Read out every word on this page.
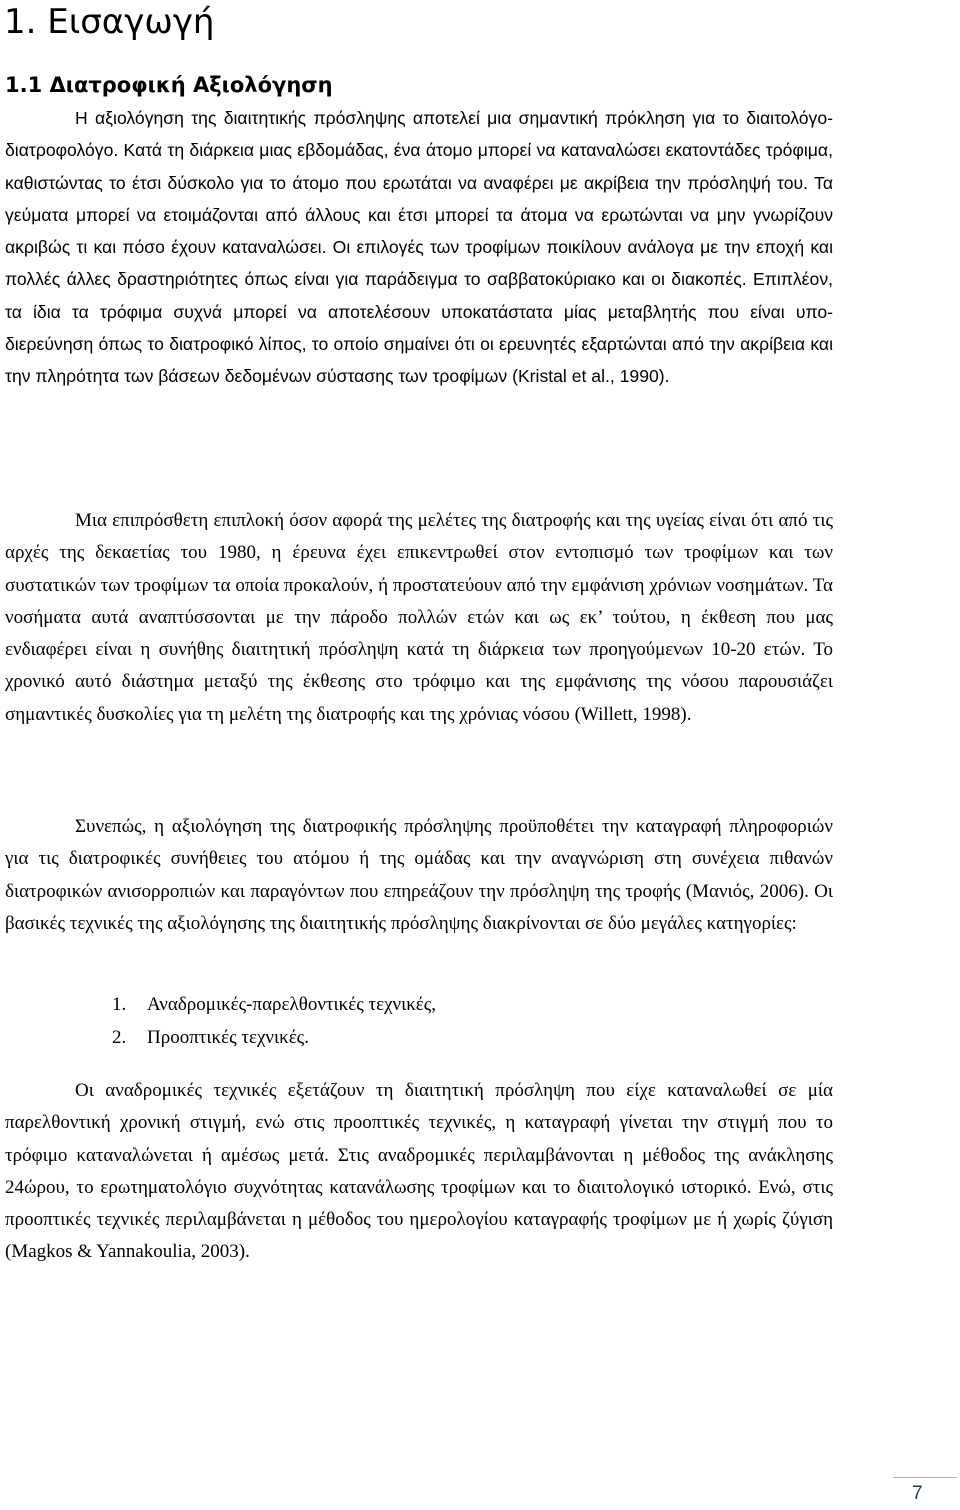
1. Εισαγωγή
1.1 Διατροφική Αξιολόγηση

Η αξιολόγηση της διαιτητικής πρόσληψης αποτελεί μια σημαντική πρόκληση για το διαιτολόγο-διατροφολόγο. Κατά τη διάρκεια μιας εβδομάδας, ένα άτομο μπορεί να καταναλώσει εκατοντάδες τρόφιμα, καθιστώντας το έτσι δύσκολο για το άτομο που ερωτάται να αναφέρει με ακρίβεια την πρόσληψή του. Τα γεύματα μπορεί να ετοιμάζονται από άλλους και έτσι μπορεί τα άτομα να ερωτώνται να μην γνωρίζουν ακριβώς τι και πόσο έχουν καταναλώσει. Οι επιλογές των τροφίμων ποικίλουν ανάλογα με την εποχή και πολλές άλλες δραστηριότητες όπως είναι για παράδειγμα το σαββατοκύριακο και οι διακοπές. Επιπλέον, τα ίδια τα τρόφιμα συχνά μπορεί να αποτελέσουν υποκατάστατα μίας μεταβλητής που είναι υπο-διερεύνηση όπως το διατροφικό λίπος, το οποίο σημαίνει ότι οι ερευνητές εξαρτώνται από την ακρίβεια και την πληρότητα των βάσεων δεδομένων σύστασης των τροφίμων (Kristal et al., 1990).

Μια επιπρόσθετη επιπλοκή όσον αφορά της μελέτες της διατροφής και της υγείας είναι ότι από τις αρχές της δεκαετίας του 1980, η έρευνα έχει επικεντρωθεί στον εντοπισμό των τροφίμων και των συστατικών των τροφίμων τα οποία προκαλούν, ή προστατεύουν από την εμφάνιση χρόνιων νοσημάτων. Τα νοσήματα αυτά αναπτύσσονται με την πάροδο πολλών ετών και ως εκ’ τούτου, η έκθεση που μας ενδιαφέρει είναι η συνήθης διαιτητική πρόσληψη κατά τη διάρκεια των προηγούμενων 10-20 ετών. Το χρονικό αυτό διάστημα μεταξύ της έκθεσης στο τρόφιμο και της εμφάνισης της νόσου παρουσιάζει σημαντικές δυσκολίες για τη μελέτη της διατροφής και της χρόνιας νόσου (Willett, 1998).

Συνεπώς, η αξιολόγηση της διατροφικής πρόσληψης προϋποθέτει την καταγραφή πληροφοριών για τις διατροφικές συνήθειες του ατόμου ή της ομάδας και την αναγνώριση στη συνέχεια πιθανών διατροφικών ανισορροπιών και παραγόντων που επηρεάζουν την πρόσληψη της τροφής (Μανιός, 2006). Οι βασικές τεχνικές της αξιολόγησης της διαιτητικής πρόσληψης διακρίνονται σε δύο μεγάλες κατηγορίες:

1. Αναδρομικές-παρελθοντικές τεχνικές,
2. Προοπτικές τεχνικές.

Οι αναδρομικές τεχνικές εξετάζουν τη διαιτητική πρόσληψη που είχε καταναλωθεί σε μία παρελθοντική χρονική στιγμή, ενώ στις προοπτικές τεχνικές, η καταγραφή γίνεται την στιγμή που το τρόφιμο καταναλώνεται ή αμέσως μετά. Στις αναδρομικές περιλαμβάνονται η μέθοδος της ανάκλησης 24ώρου, το ερωτηματολόγιο συχνότητας κατανάλωσης τροφίμων και το διαιτολογικό ιστορικό. Ενώ, στις προοπτικές τεχνικές περιλαμβάνεται η μέθοδος του ημερολογίου καταγραφής τροφίμων με ή χωρίς ζύγιση (Magkos & Yannakoulia, 2003).

7
